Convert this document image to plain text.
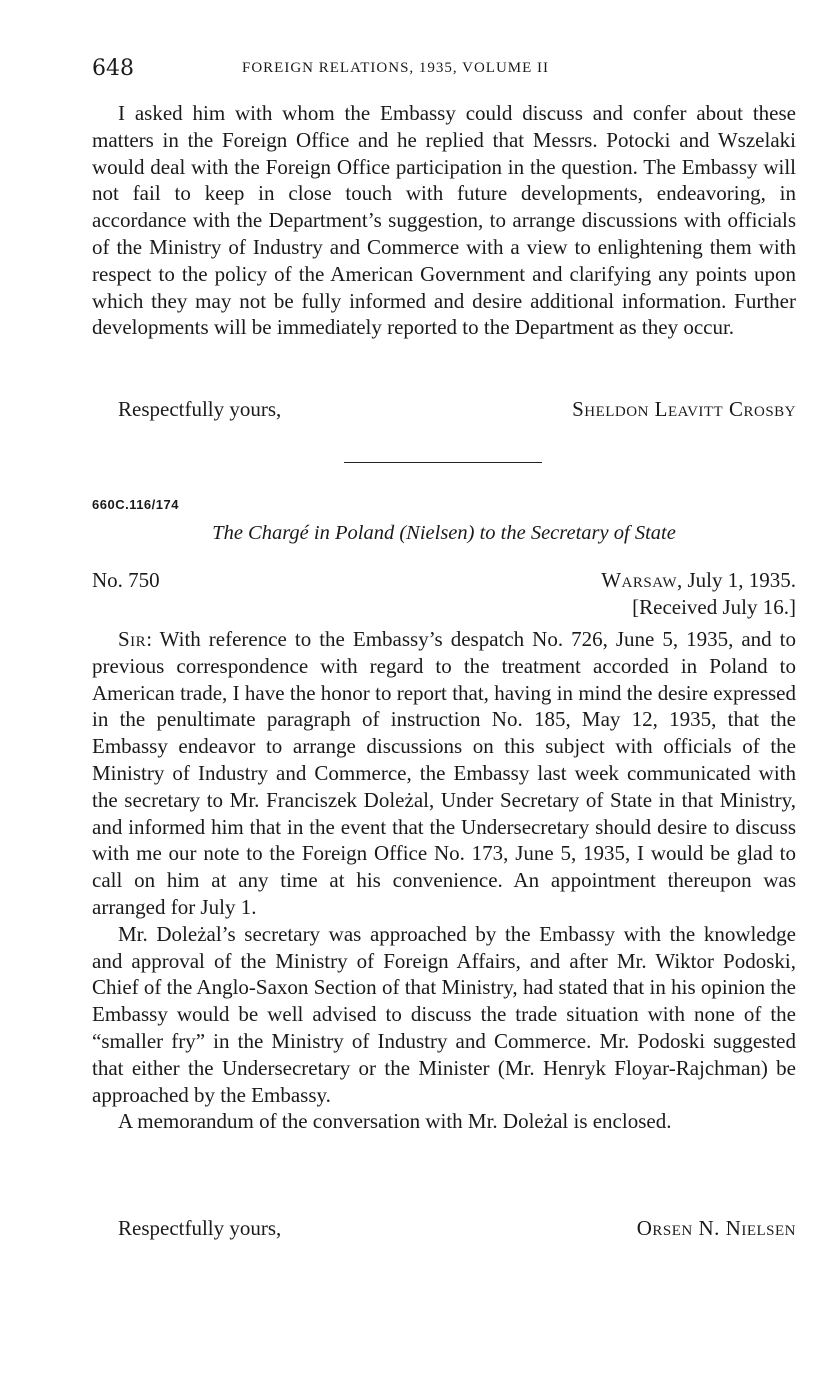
648	FOREIGN RELATIONS, 1935, VOLUME II

I asked him with whom the Embassy could discuss and confer about these matters in the Foreign Office and he replied that Messrs. Potocki and Wszelaki would deal with the Foreign Office participation in the question. The Embassy will not fail to keep in close touch with future developments, endeavoring, in accordance with the Department’s suggestion, to arrange discussions with officials of the Ministry of Industry and Commerce with a view to enlightening them with respect to the policy of the American Government and clarifying any points upon which they may not be fully informed and desire additional information. Further developments will be immediately reported to the Department as they occur.

Respectfully yours,	Sheldon Leavitt Crosby
660C.116/174
The Chargé in Poland (Nielsen) to the Secretary of State
No. 750	Warsaw, July 1, 1935.
[Received July 16.]

Sir: With reference to the Embassy’s despatch No. 726, June 5, 1935, and to previous correspondence with regard to the treatment accorded in Poland to American trade, I have the honor to report that, having in mind the desire expressed in the penultimate paragraph of instruction No. 185, May 12, 1935, that the Embassy endeavor to arrange discussions on this subject with officials of the Ministry of Industry and Commerce, the Embassy last week communicated with the secretary to Mr. Franciszek Doleżal, Under Secretary of State in that Ministry, and informed him that in the event that the Undersecretary should desire to discuss with me our note to the Foreign Office No. 173, June 5, 1935, I would be glad to call on him at any time at his convenience. An appointment thereupon was arranged for July 1.

Mr. Doleżal’s secretary was approached by the Embassy with the knowledge and approval of the Ministry of Foreign Affairs, and after Mr. Wiktor Podoski, Chief of the Anglo-Saxon Section of that Ministry, had stated that in his opinion the Embassy would be well advised to discuss the trade situation with none of the “smaller fry” in the Ministry of Industry and Commerce. Mr. Podoski suggested that either the Undersecretary or the Minister (Mr. Henryk Floyar-Rajchman) be approached by the Embassy.

A memorandum of the conversation with Mr. Doleżal is enclosed.

Respectfully yours,	Orsen N. Nielsen
